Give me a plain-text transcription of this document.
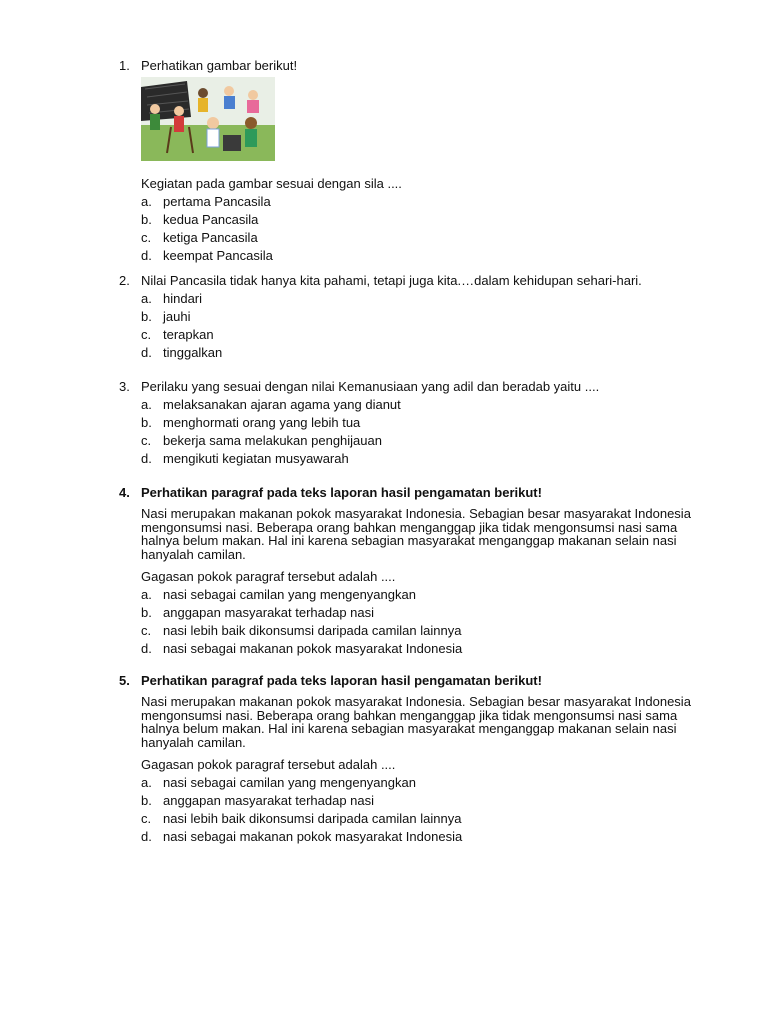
1. Perhatikan gambar berikut!
Kegiatan pada gambar sesuai dengan sila ....
a. pertama Pancasila
b. kedua Pancasila
c. ketiga Pancasila
d. keempat Pancasila
2. Nilai Pancasila tidak hanya kita pahami, tetapi juga kita.…dalam kehidupan sehari-hari.
a. hindari
b. jauhi
c. terapkan
d. tinggalkan
3. Perilaku yang sesuai dengan nilai Kemanusiaan yang adil dan beradab yaitu ....
a. melaksanakan ajaran agama yang dianut
b. menghormati orang yang lebih tua
c. bekerja sama melakukan penghijauan
d. mengikuti kegiatan musyawarah
4. Perhatikan paragraf pada teks laporan hasil pengamatan berikut!
Nasi merupakan makanan pokok masyarakat Indonesia. Sebagian besar masyarakat Indonesia mengonsumsi nasi. Beberapa orang bahkan menganggap jika tidak mengonsumsi nasi sama halnya belum makan. Hal ini karena sebagian masyarakat menganggap makanan selain nasi hanyalah camilan.
Gagasan pokok paragraf tersebut adalah ....
a. nasi sebagai camilan yang mengenyangkan
b. anggapan masyarakat terhadap nasi
c. nasi lebih baik dikonsumsi daripada camilan lainnya
d. nasi sebagai makanan pokok masyarakat Indonesia
5. Perhatikan paragraf pada teks laporan hasil pengamatan berikut!
Nasi merupakan makanan pokok masyarakat Indonesia. Sebagian besar masyarakat Indonesia mengonsumsi nasi. Beberapa orang bahkan menganggap jika tidak mengonsumsi nasi sama halnya belum makan. Hal ini karena sebagian masyarakat menganggap makanan selain nasi hanyalah camilan.
Gagasan pokok paragraf tersebut adalah ....
a. nasi sebagai camilan yang mengenyangkan
b. anggapan masyarakat terhadap nasi
c. nasi lebih baik dikonsumsi daripada camilan lainnya
d. nasi sebagai makanan pokok masyarakat Indonesia
